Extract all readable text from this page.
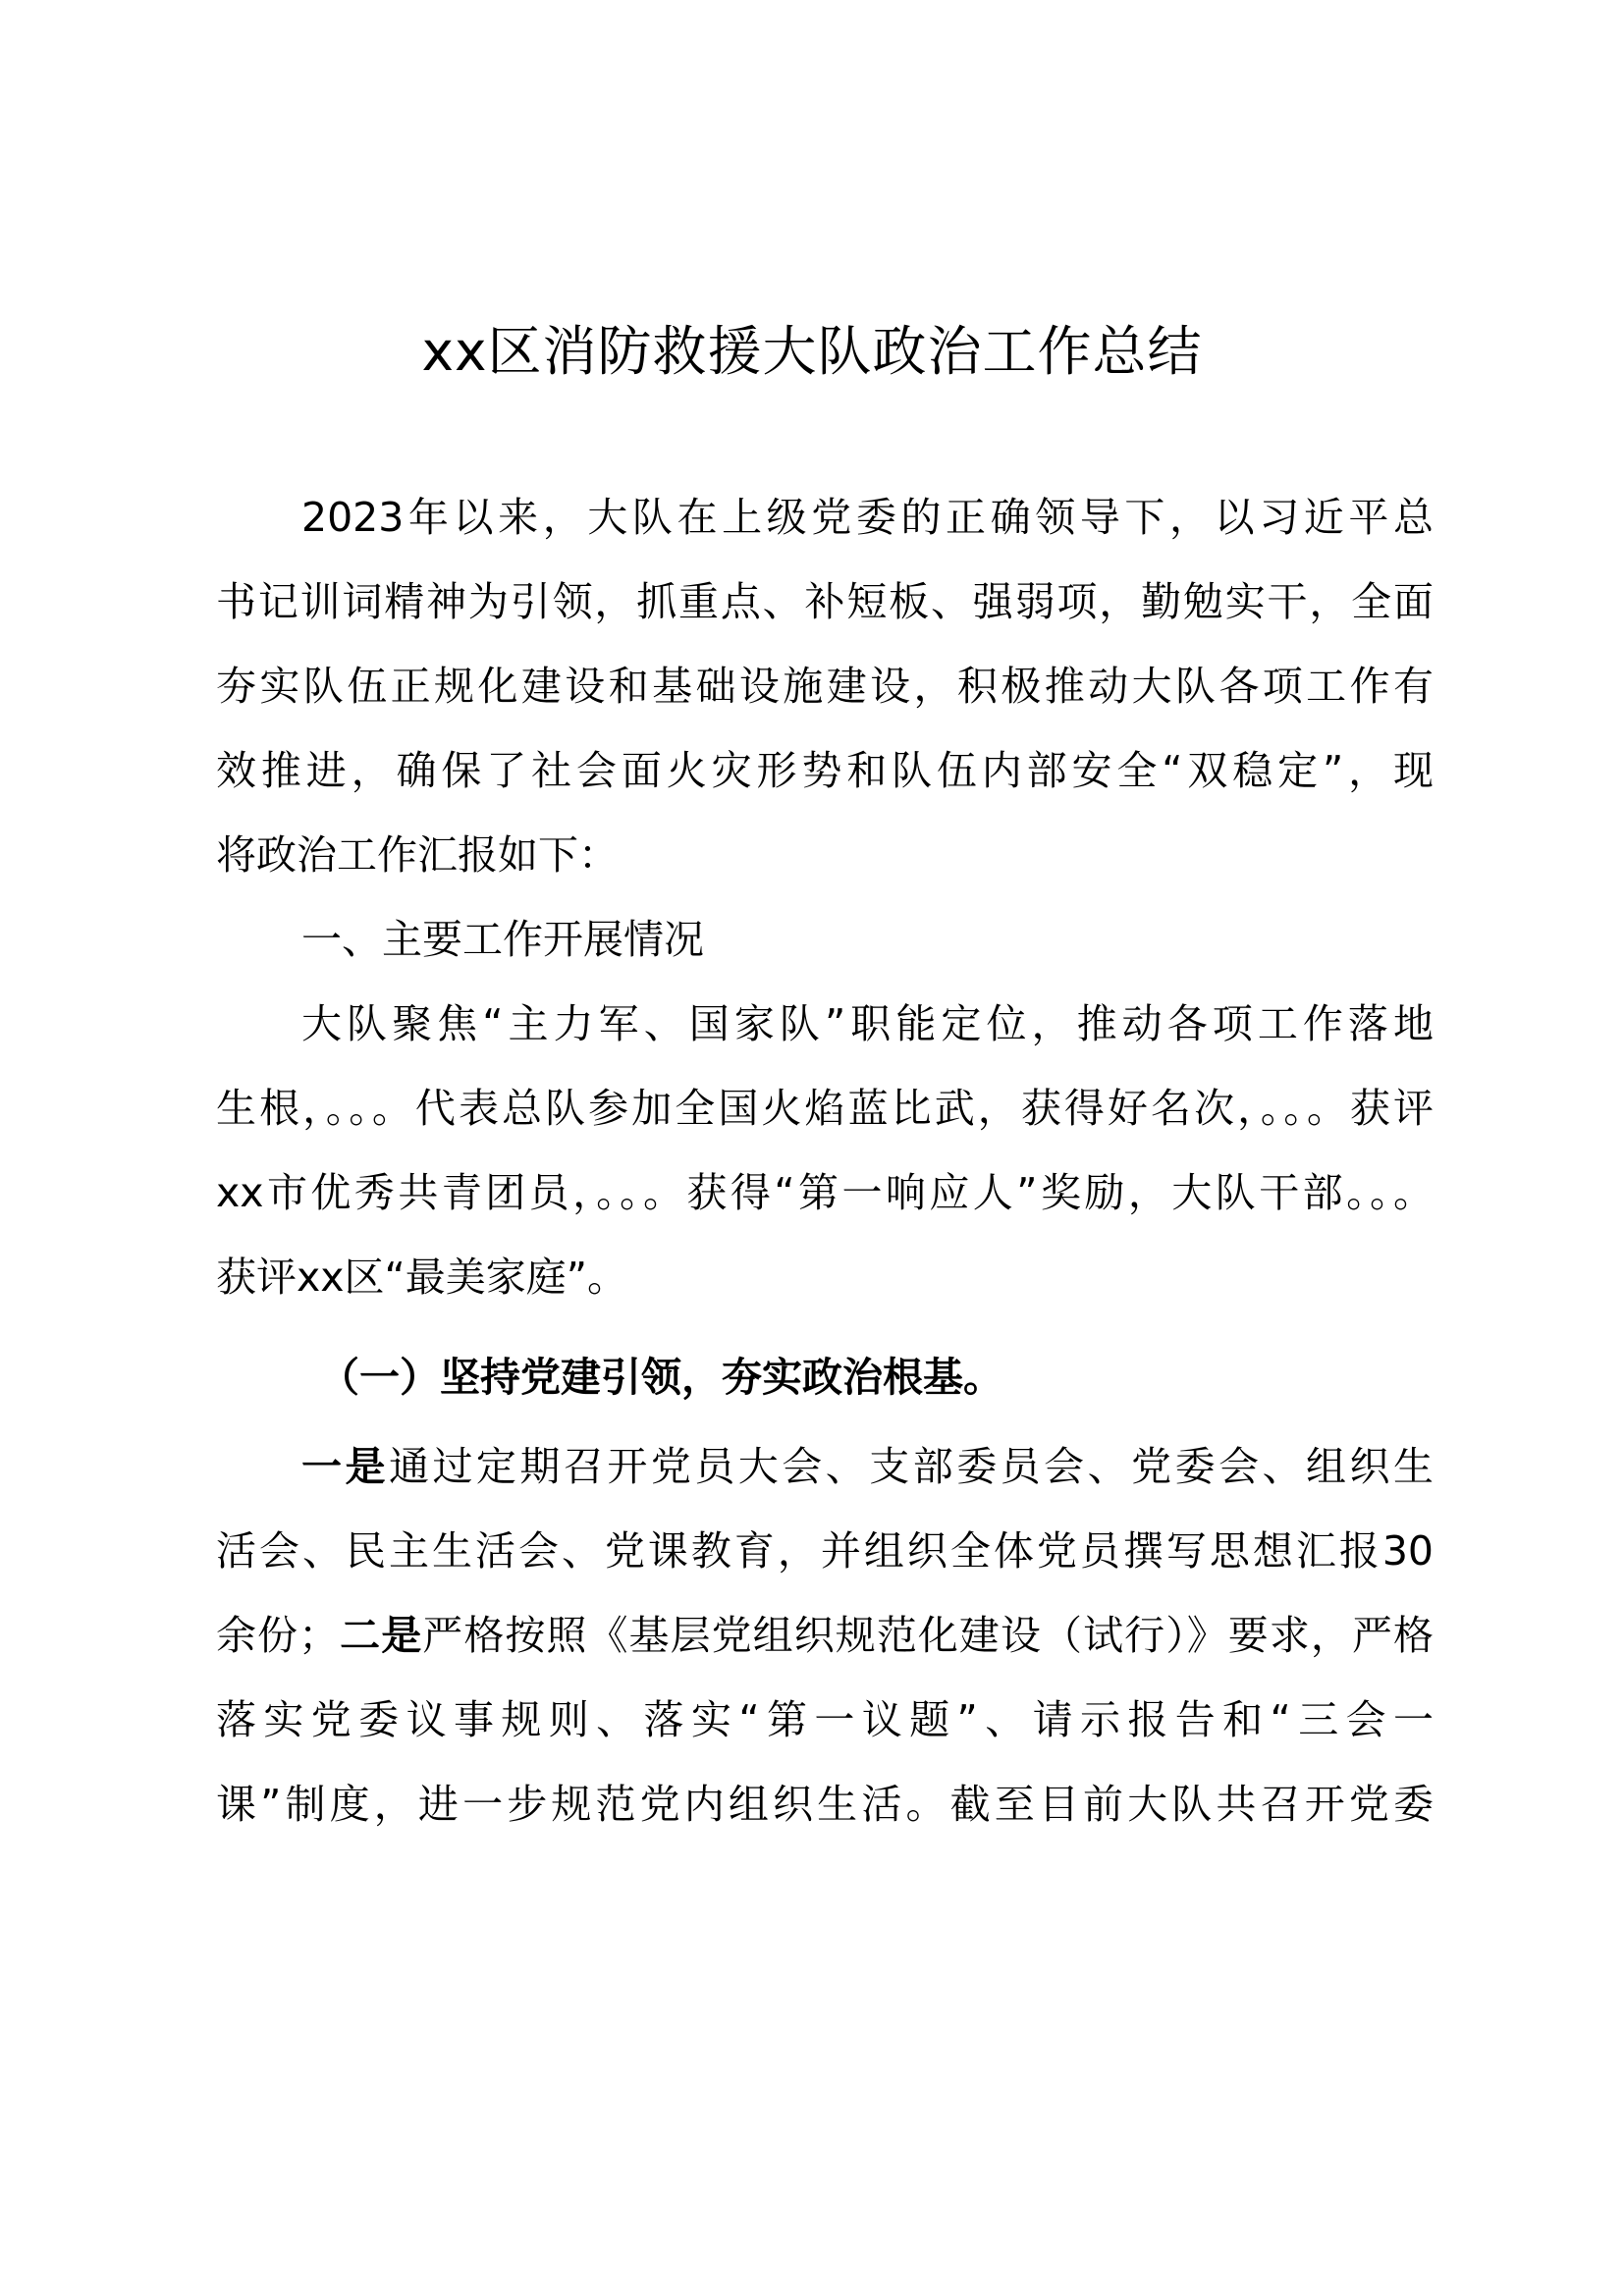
xx区消防救援大队政治工作总结
2023年以来，大队在上级党委的正确领导下，以习近平总
书记训词精神为引领，抓重点、补短板、强弱项，勤勉实干，全面
夯实队伍正规化建设和基础设施建设，积极推动大队各项工作有
效推进，确保了社会面火灾形势和队伍内部安全“双稳定”，现
将政治工作汇报如下：
一、主要工作开展情况
大队聚焦“主力军、国家队”职能定位，推动各项工作落地
生根，。。。代表总队参加全国火焰蓝比武，获得好名次，。。。获评
xx市优秀共青团员，。。。获得“第一响应人”奖励，大队干部。。。
获评xx区“最美家庭”。
（一）坚持党建引领，夯实政治根基。
一是通过定期召开党员大会、支部委员会、党委会、组织生
活会、民主生活会、党课教育，并组织全体党员撰写思想汇报30
余份；二是严格按照《基层党组织规范化建设（试行）》要求，严格
落实党委议事规则、落实“第一议题”、请示报告和“三会一
课”制度，进一步规范党内组织生活。截至目前大队共召开党委
